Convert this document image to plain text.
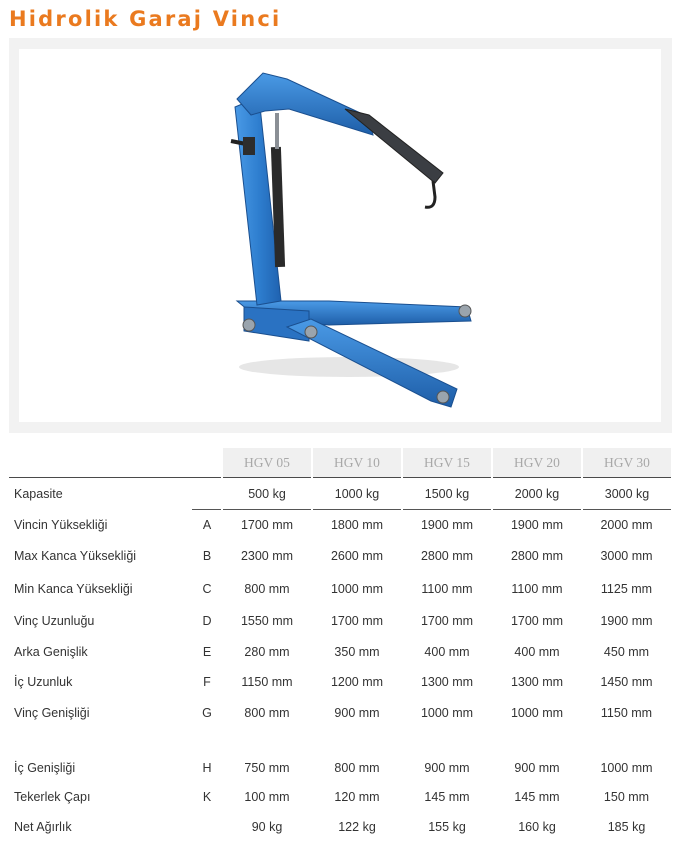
Hidrolik Garaj Vinci
		HGV 05	HGV 10	HGV 15	HGV 20	HGV 30
Kapasite		500 kg	1000 kg	1500 kg	2000 kg	3000 kg
Vincin Yüksekliği	A	1700 mm	1800 mm	1900 mm	1900 mm	2000 mm
Max Kanca Yüksekliği	B	2300 mm	2600 mm	2800 mm	2800 mm	3000 mm
Min Kanca Yüksekliği	C	800 mm	1000 mm	1100 mm	1100 mm	1125 mm
Vinç Uzunluğu	D	1550 mm	1700 mm	1700 mm	1700 mm	1900 mm
Arka Genişlik	E	280 mm	350 mm	400 mm	400 mm	450 mm
İç Uzunluk	F	1150 mm	1200 mm	1300 mm	1300 mm	1450 mm
Vinç Genişliği	G	800 mm	900 mm	1000 mm	1000 mm	1150 mm
İç Genişliği	H	750 mm	800 mm	900 mm	900 mm	1000 mm
Tekerlek Çapı	K	100 mm	120 mm	145 mm	145 mm	150 mm
Net Ağırlık		90 kg	122 kg	155 kg	160 kg	185 kg
